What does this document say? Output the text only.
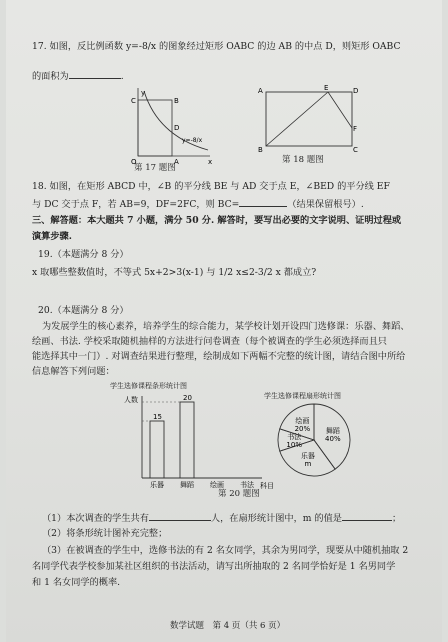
17. 如图，反比例函数 y=-8/x 的图象经过矩形 OABC 的边 AB 的中点 D，则矩形 OABC
的面积为	.
y
x
O
C	B
A
D
y=-8/x
第 17 题图
A	E	D
F
B	C
第 18 题图
18. 如图，在矩形 ABCD 中，∠B 的平分线 BE 与 AD 交于点 E，∠BED 的平分线 EF
与 DC 交于点 F，若 AB=9，DF=2FC，则 BC=	（结果保留根号）.
三、解答题：本大题共 7 小题，满分 50 分. 解答时，要写出必要的文字说明、证明过程或
演算步骤.
19.（本题满分 8 分）
x 取哪些整数值时，不等式 5x+2>3(x-1) 与 1/2 x≤2-3/2 x 都成立?
20.（本题满分 8 分）
为发展学生的核心素养，培养学生的综合能力，某学校计划开设四门选修课：乐器、舞蹈、
绘画、书法. 学校采取随机抽样的方法进行问卷调查（每个被调查的学生必须选择而且只
能选择其中一门）. 对调查结果进行整理，绘制成如下两幅不完整的统计图，请结合图中所给
信息解答下列问题：
学生选修课程条形统计图
人数
科目
15
乐器
20
舞蹈 绘画 书法
学生选修课程扇形统计图
舞蹈
40%
乐器
m
书法
10%
绘画
20%
第 20 题图
（1）本次调查的学生共有	人，在扇形统计图中，m 的值是	；
（2）将条形统计图补充完整；
（3）在被调查的学生中，选修书法的有 2 名女同学，其余为男同学，现要从中随机抽取 2
名同学代表学校参加某社区组织的书法活动，请写出所抽取的 2 名同学恰好是 1 名男同学
和 1 名女同学的概率.
数学试题　第 4 页（共 6 页）
